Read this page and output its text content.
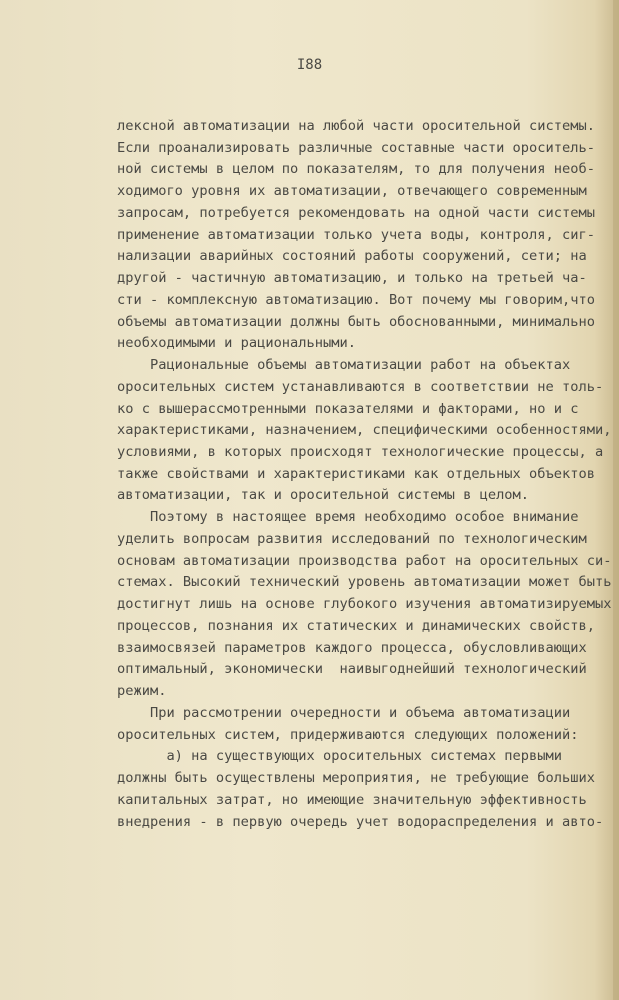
I88
лексной автоматизации на любой части оросительной системы.
Если проанализировать различные составные части ороситель-
ной системы в целом по показателям, то для получения необ-
ходимого уровня их автоматизации, отвечающего современным
запросам, потребуется рекомендовать на одной части системы
применение автоматизации только учета воды, контроля, сиг-
нализации аварийных состояний работы сооружений, сети; на
другой - частичную автоматизацию, и только на третьей ча-
сти - комплексную автоматизацию. Вот почему мы говорим,что
объемы автоматизации должны быть обоснованными, минимально
необходимыми и рациональными.
Рациональные объемы автоматизации работ на объектах
оросительных систем устанавливаются в соответствии не толь-
ко с вышерассмотренными показателями и факторами, но и с
характеристиками, назначением, специфическими особенностями,
условиями, в которых происходят технологические процессы, а
также свойствами и характеристиками как отдельных объектов
автоматизации, так и оросительной системы в целом.
Поэтому в настоящее время необходимо особое внимание
уделить вопросам развития исследований по технологическим
основам автоматизации производства работ на оросительных си-
стемах. Высокий технический уровень автоматизации может быть
достигнут лишь на основе глубокого изучения автоматизируемых
процессов, познания их статических и динамических свойств,
взаимосвязей параметров каждого процесса, обусловливающих
оптимальный, экономически  наивыгоднейший технологический
режим.
При рассмотрении очередности и объема автоматизации
оросительных систем, придерживаются следующих положений:
а) на существующих оросительных системах первыми
должны быть осуществлены мероприятия, не требующие больших
капитальных затрат, но имеющие значительную эффективность
внедрения - в первую очередь учет водораспределения и авто-
